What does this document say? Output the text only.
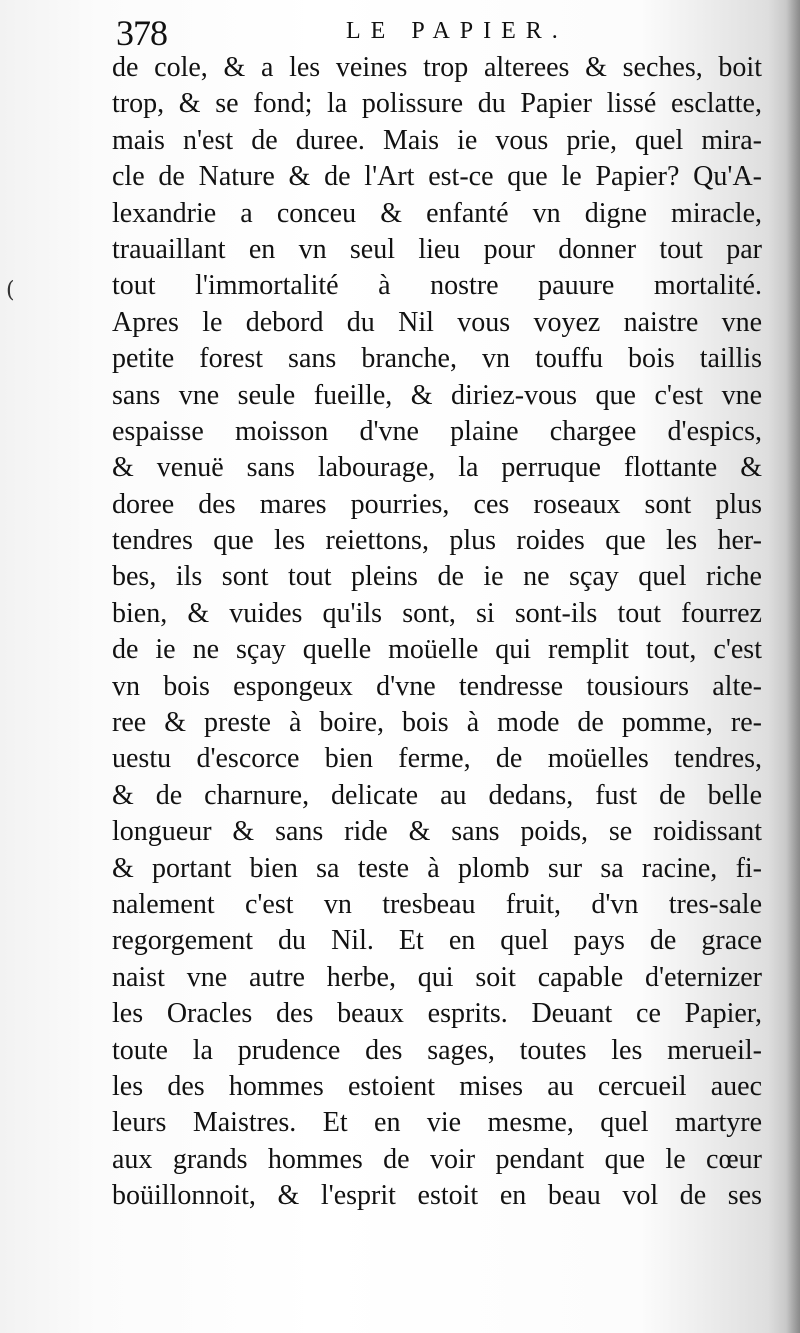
(
378	LE PAPIER.
de cole, & a les veines trop alterees & seches, boit
trop, & se fond; la polissure du Papier lissé esclatte,
mais n'est de duree. Mais ie vous prie, quel mira-
cle de Nature & de l'Art est-ce que le Papier? Qu'A-
lexandrie a conceu & enfanté vn digne miracle,
trauaillant en vn seul lieu pour donner tout par
tout l'immortalité à nostre pauure mortalité.
Apres le debord du Nil vous voyez naistre vne
petite forest sans branche, vn touffu bois taillis
sans vne seule fueille, & diriez-vous que c'est vne
espaisse moisson d'vne plaine chargee d'espics,
& venuë sans labourage, la perruque flottante &
doree des mares pourries, ces roseaux sont plus
tendres que les reiettons, plus roides que les her-
bes, ils sont tout pleins de ie ne sçay quel riche
bien, & vuides qu'ils sont, si sont-ils tout fourrez
de ie ne sçay quelle moüelle qui remplit tout, c'est
vn bois espongeux d'vne tendresse tousiours alte-
ree & preste à boire, bois à mode de pomme, re-
uestu d'escorce bien ferme, de moüelles tendres,
& de charnure, delicate au dedans, fust de belle
longueur & sans ride & sans poids, se roidissant
& portant bien sa teste à plomb sur sa racine, fi-
nalement c'est vn tresbeau fruit, d'vn tres-sale
regorgement du Nil. Et en quel pays de grace
naist vne autre herbe, qui soit capable d'eternizer
les Oracles des beaux esprits. Deuant ce Papier,
toute la prudence des sages, toutes les merueil-
les des hommes estoient mises au cercueil auec
leurs Maistres. Et en vie mesme, quel martyre
aux grands hommes de voir pendant que le cœur
boüillonnoit, & l'esprit estoit en beau vol de ses
